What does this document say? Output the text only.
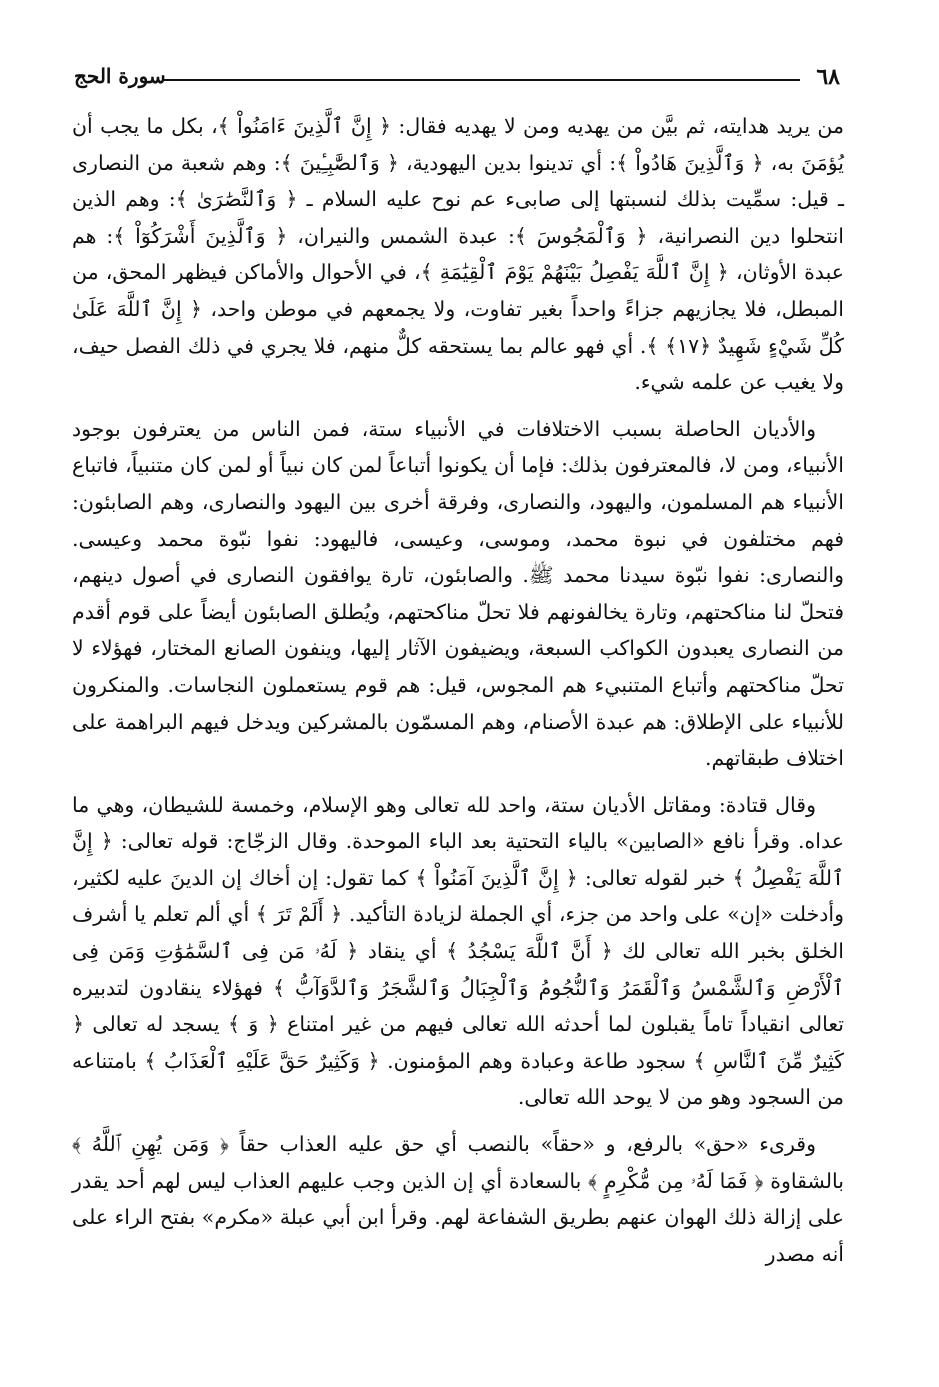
٦٨
سورة الحج

من يريد هدايته، ثم بيَّن من يهديه ومن لا يهديه فقال: ﴿ إِنَّ ٱلَّذِينَ ءَامَنُواْ ﴾، بكل ما يجب أن يُؤمَنَ به، ﴿ وَٱلَّذِينَ هَادُواْ ﴾: أي تدينوا بدين اليهودية، ﴿ وَٱلصَّٰبِـِٔينَ ﴾: وهم شعبة من النصارى ـ قيل: سمِّيت بذلك لنسبتها إلى صابىء عم نوح عليه السلام ـ ﴿ وَٱلنَّصَٰرَىٰ ﴾: وهم الذين انتحلوا دين النصرانية، ﴿ وَٱلْمَجُوسَ ﴾: عبدة الشمس والنيران، ﴿ وَٱلَّذِينَ أَشْرَكُوٓاْ ﴾: هم عبدة الأوثان، ﴿ إِنَّ ٱللَّهَ يَفْصِلُ بَيْنَهُمْ يَوْمَ ٱلْقِيَٰمَةِ ﴾، في الأحوال والأماكن فيظهر المحق، من المبطل، فلا يجازيهم جزاءً واحداً بغير تفاوت، ولا يجمعهم في موطن واحد، ﴿ إِنَّ ٱللَّهَ عَلَىٰ كُلِّ شَيْءٍ شَهِيدٌ ﴿١٧﴾ ﴾. أي فهو عالم بما يستحقه كلٌّ منهم، فلا يجري في ذلك الفصل حيف، ولا يغيب عن علمه شيء.

والأديان الحاصلة بسبب الاختلافات في الأنبياء ستة، فمن الناس من يعترفون بوجود الأنبياء، ومن لا، فالمعترفون بذلك: فإما أن يكونوا أتباعاً لمن كان نبياً أو لمن كان متنبياً، فاتباع الأنبياء هم المسلمون، واليهود، والنصارى، وفرقة أخرى بين اليهود والنصارى، وهم الصابئون: فهم مختلفون في نبوة محمد، وموسى، وعيسى، فاليهود: نفوا نبّوة محمد وعيسى. والنصارى: نفوا نبّوة سيدنا محمد ﷺ. والصابئون، تارة يوافقون النصارى في أصول دينهم، فتحلّ لنا مناكحتهم، وتارة يخالفونهم فلا تحلّ مناكحتهم، ويُطلق الصابئون أيضاً على قوم أقدم من النصارى يعبدون الكواكب السبعة، ويضيفون الآثار إليها، وينفون الصانع المختار، فهؤلاء لا تحلّ مناكحتهم وأتباع المتنبيء هم المجوس، قيل: هم قوم يستعملون النجاسات. والمنكرون للأنبياء على الإطلاق: هم عبدة الأصنام، وهم المسمّون بالمشركين ويدخل فيهم البراهمة على اختلاف طبقاتهم.

وقال قتادة: ومقاتل الأديان ستة، واحد لله تعالى وهو الإسلام، وخمسة للشيطان، وهي ما عداه. وقرأ نافع «الصابين» بالياء التحتية بعد الباء الموحدة. وقال الزجّاج: قوله تعالى: ﴿ إِنَّ ٱللَّهَ يَفْصِلُ ﴾ خبر لقوله تعالى: ﴿ إِنَّ ٱلَّذِينَ آمَنُواْ ﴾ كما تقول: إن أخاك إن الدينَ عليه لكثير، وأدخلت «إن» على واحد من جزء، أي الجملة لزيادة التأكيد. ﴿ أَلَمْ تَرَ ﴾ أي ألم تعلم يا أشرف الخلق بخبر الله تعالى لك ﴿ أَنَّ ٱللَّهَ يَسْجُدُ ﴾ أي ينقاد ﴿ لَهُۥ مَن فِى ٱلسَّمَٰوَٰتِ وَمَن فِى ٱلْأَرْضِ وَٱلشَّمْسُ وَٱلْقَمَرُ وَٱلنُّجُومُ وَٱلْجِبَالُ وَٱلشَّجَرُ وَٱلدَّوَآبُّ ﴾ فهؤلاء ينقادون لتدبيره تعالى انقياداً تاماً يقبلون لما أحدثه الله تعالى فيهم من غير امتناع ﴿ وَ ﴾ يسجد له تعالى ﴿ كَثِيرٌ مِّنَ ٱلنَّاسِ ﴾ سجود طاعة وعبادة وهم المؤمنون. ﴿ وَكَثِيرٌ حَقَّ عَلَيْهِ ٱلْعَذَابُ ﴾ بامتناعه من السجود وهو من لا يوحد الله تعالى.

وقرىء «حق» بالرفع، و «حقاً» بالنصب أي حق عليه العذاب حقاً ﴿ وَمَن يُهِنِ ٱللَّهُ ﴾ بالشقاوة ﴿ فَمَا لَهُۥ مِن مُّكْرِمٍ ﴾ بالسعادة أي إن الذين وجب عليهم العذاب ليس لهم أحد يقدر على إزالة ذلك الهوان عنهم بطريق الشفاعة لهم. وقرأ ابن أبي عبلة «مكرم» بفتح الراء على أنه مصدر
